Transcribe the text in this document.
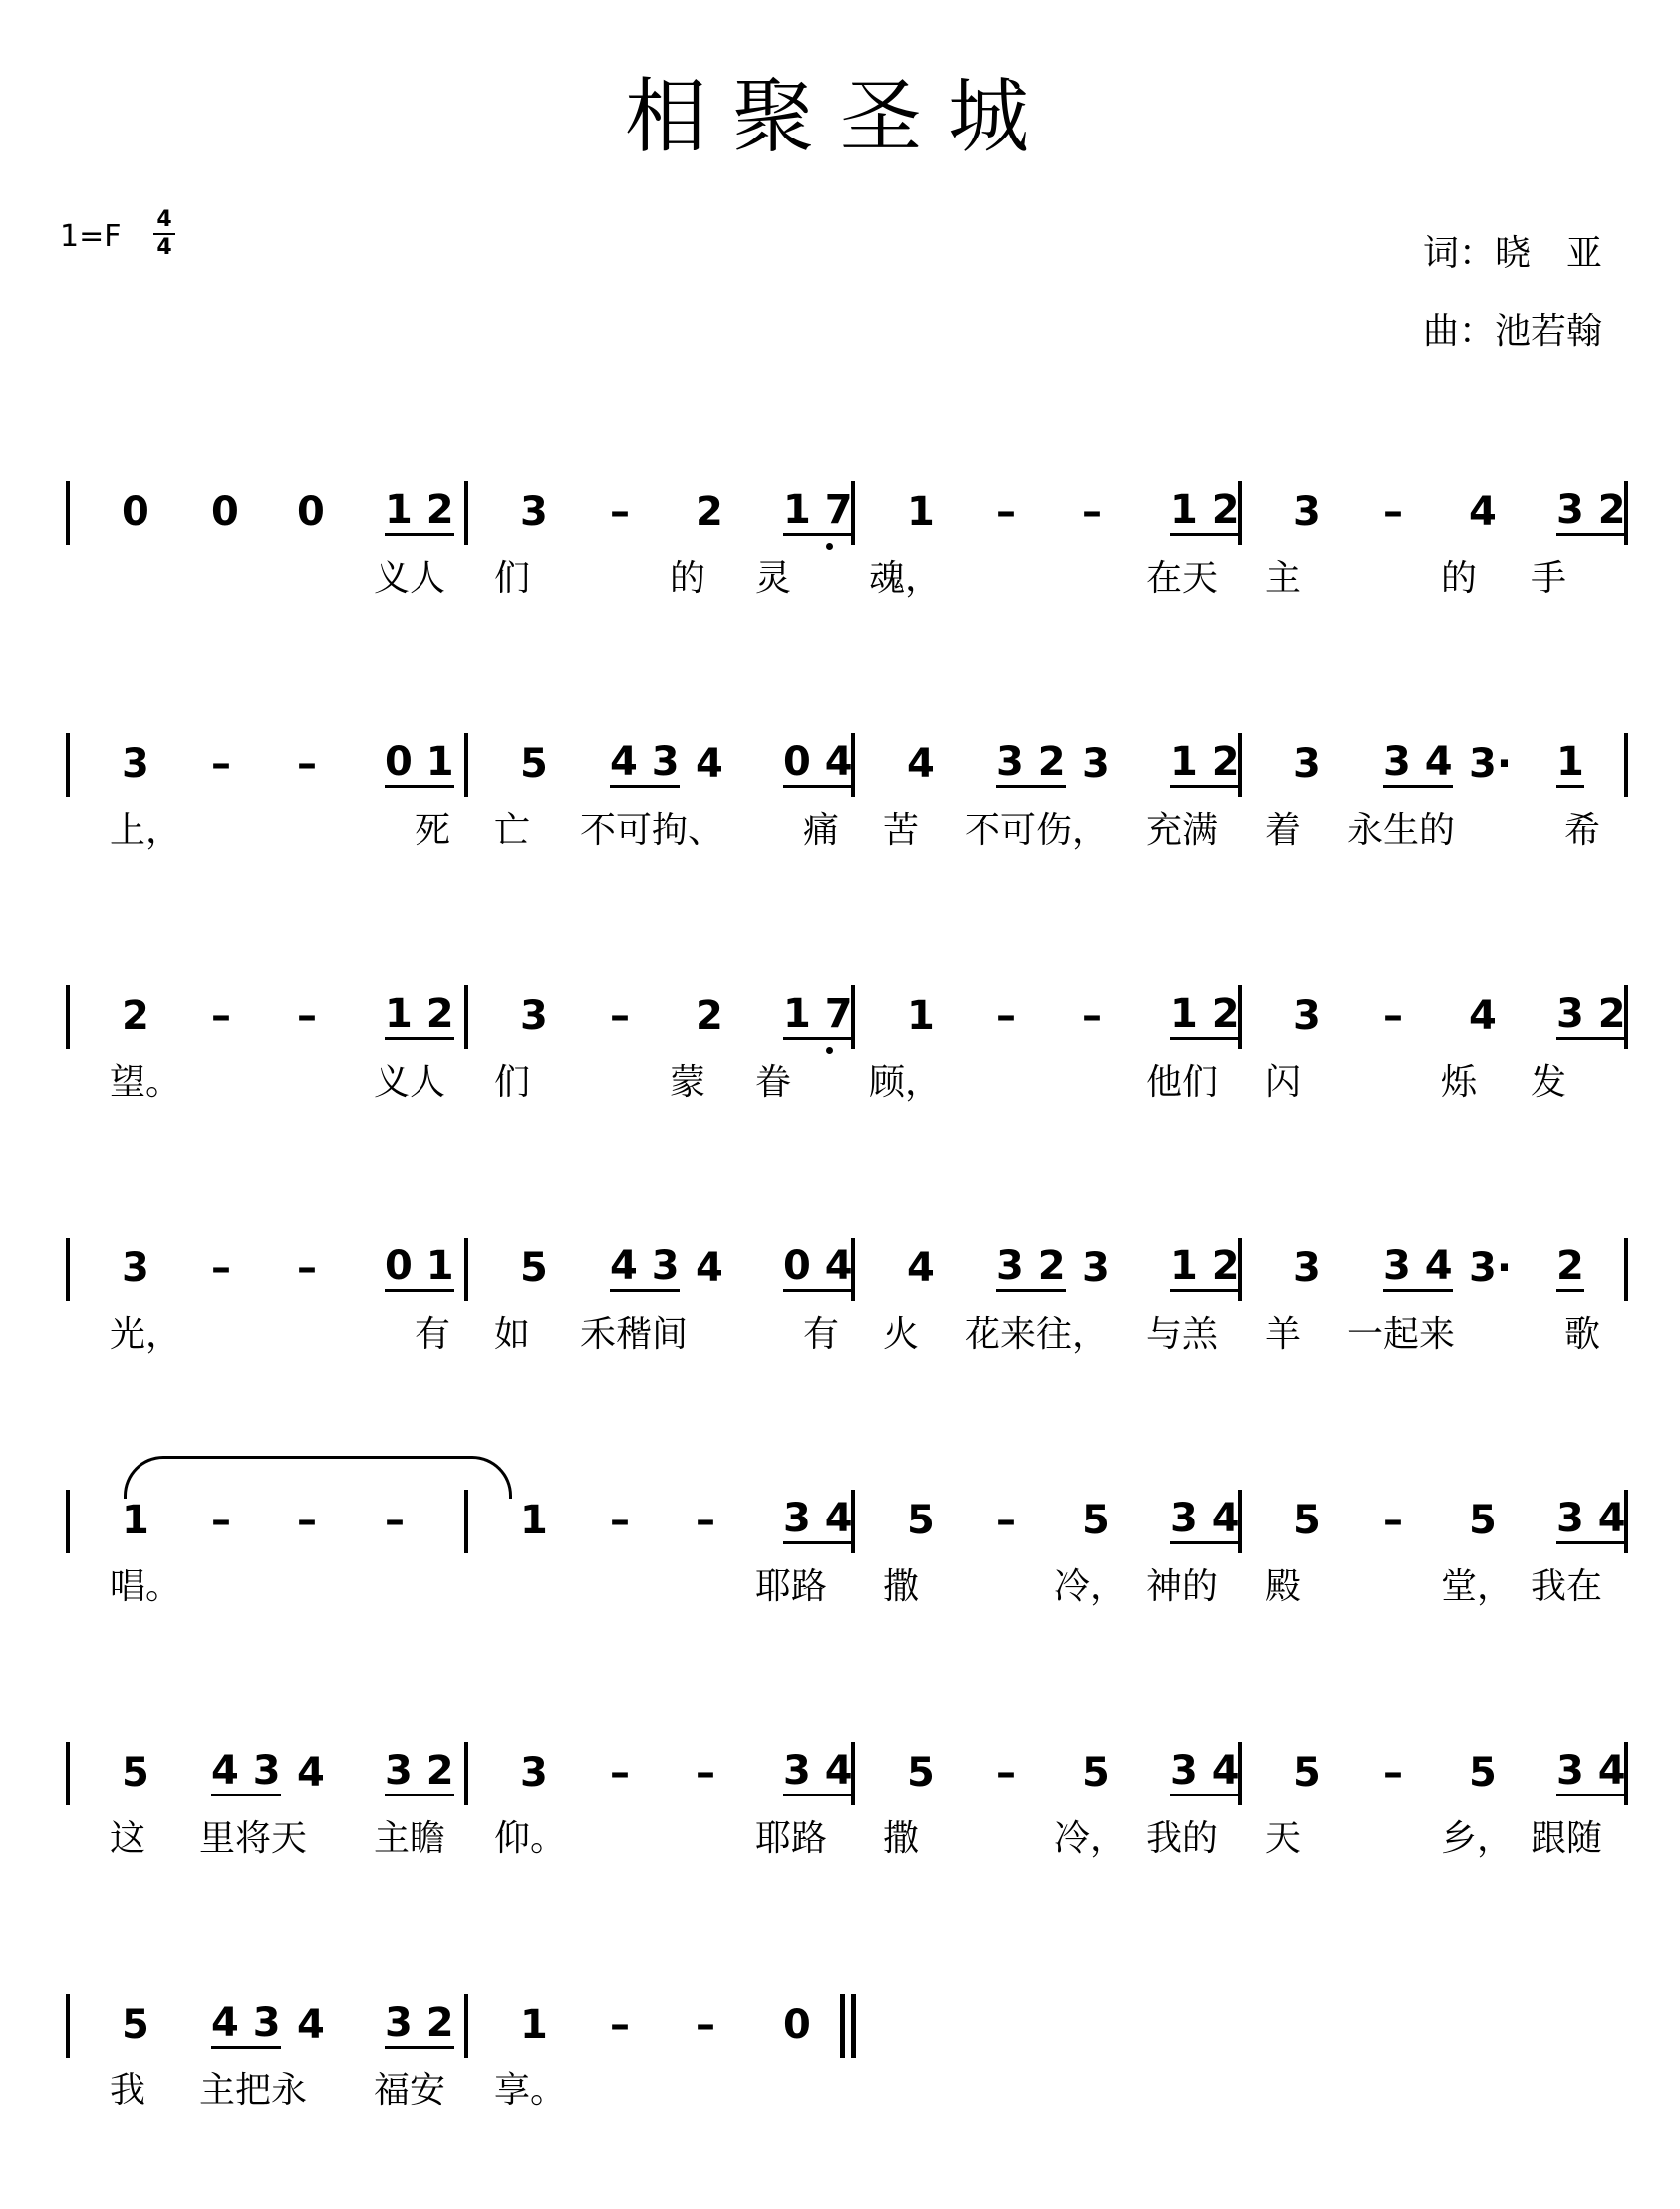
相聚圣城
$1=F \frac{4}{4}$	词：晓　亚
曲：池若翰
0 0 0 1 2 3 – 2 1 7 1 – – 1 2 3 – 4 3 2
义人 们	的 灵 魂，	在天 主	的 手
3 – – 0 1 5 4 3 4 0 4 4 3 2 3 1 2 3 3 4 3· 1
上，	死 亡 不可拘、 痛 苦 不可伤， 充满 着 永生的	希
2 – – 1 2 3 – 2 1 7 1 – – 1 2 3 – 4 3 2
望。	义人 们	蒙 眷 顾，	他们 闪	烁 发
3 – – 0 1 5 4 3 4 0 4 4 3 2 3 1 2 3 3 4 3· 2
光，	有 如 禾稭间	有 火 花来往， 与羔 羊 一起来	歌
1 – – –	1 – – 3 4 5 – 5 3 4 5 – 5 3 4
唱。	耶路 撒	冷， 神的 殿	堂， 我在
5 4 3 4 3 2 3 – – 3 4 5 – 5 3 4 5 – 5 3 4
这 里将天 主瞻 仰。	耶路 撒	冷， 我的 天	乡， 跟随
5 4 3 4 3 2 1 – – 0
我 主把永 福安 享。
